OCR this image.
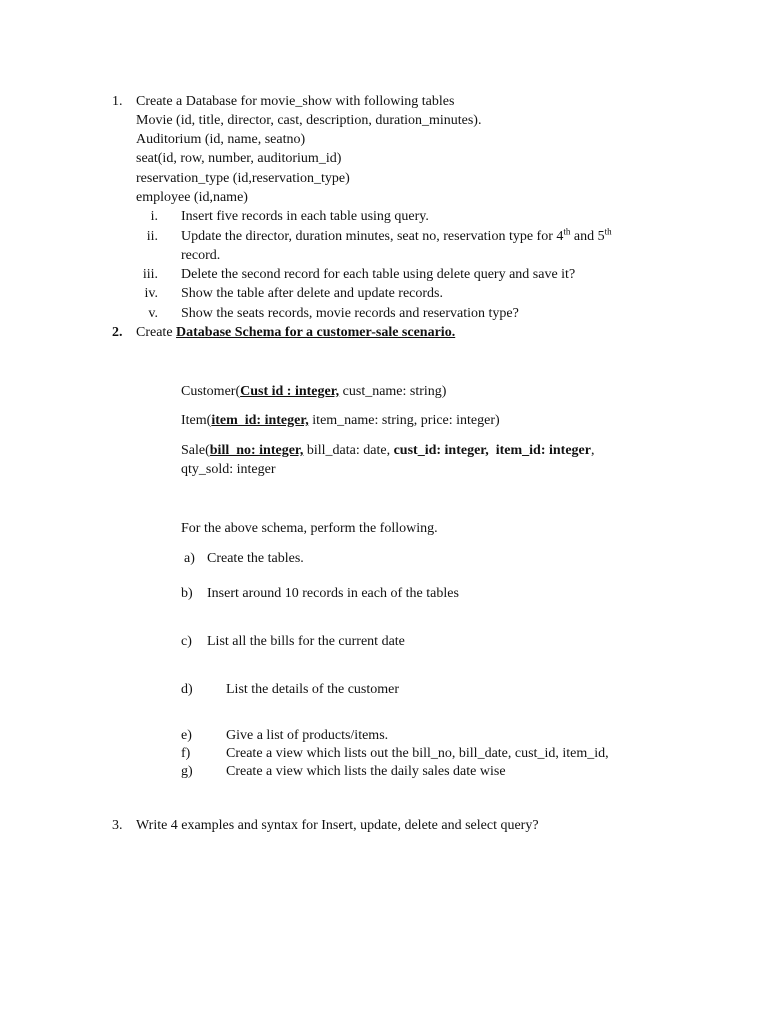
1. Create a Database for movie_show with following tables
Movie (id, title, director, cast, description, duration_minutes).
Auditorium (id, name, seatno)
seat(id, row, number, auditorium_id)
reservation_type (id,reservation_type)
employee (id,name)
i. Insert five records in each table using query.
ii. Update the director, duration minutes, seat no, reservation type for 4th and 5th
record.
iii. Delete the second record for each table using delete query and save it?
iv. Show the table after delete and update records.
v. Show the seats records, movie records and reservation type?
2. Create Database Schema for a customer-sale scenario.
Customer(Cust id : integer, cust_name: string)
Item(item_id: integer, item_name: string, price: integer)
Sale(bill_no: integer, bill_data: date, cust_id: integer,  item_id: integer,
qty_sold: integer
For the above schema, perform the following.
a) Create the tables.
b) Insert around 10 records in each of the tables
c) List all the bills for the current date
d) List the details of the customer
e) Give a list of products/items.
f)	Create a view which lists out the bill_no, bill_date, cust_id, item_id,
g) Create a view which lists the daily sales date wise
3. Write 4 examples and syntax for Insert, update, delete and select query?
